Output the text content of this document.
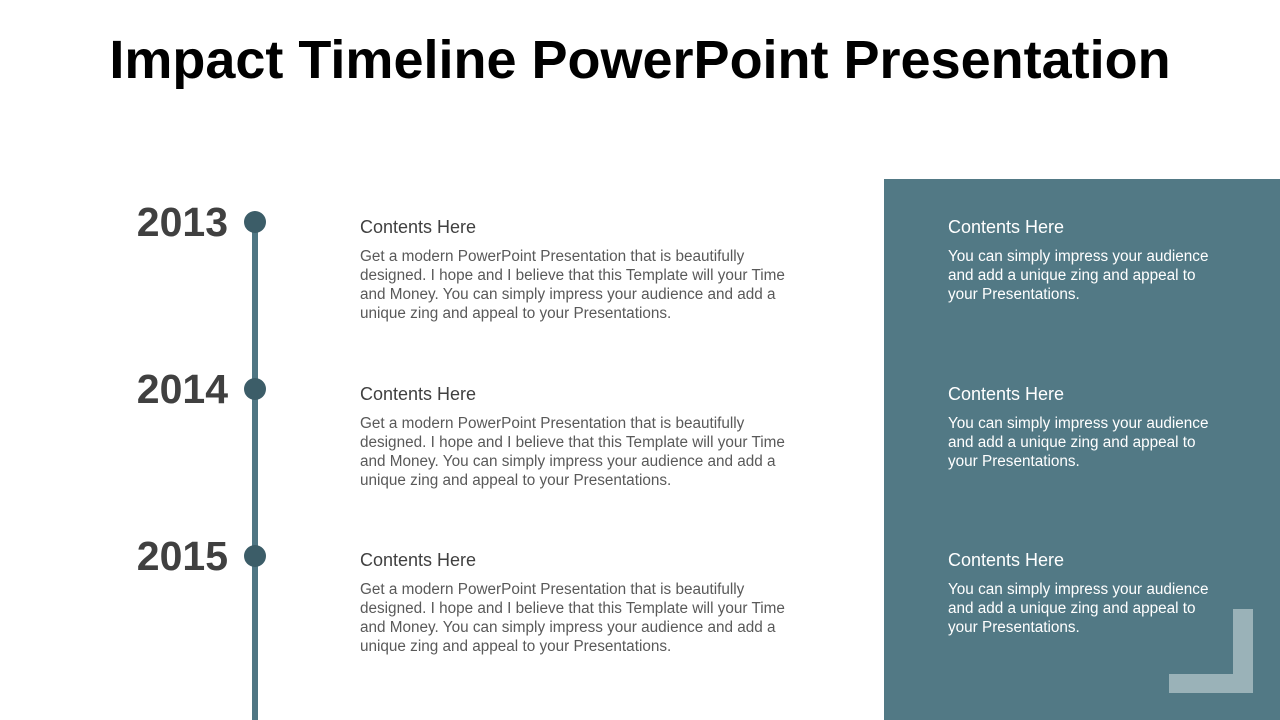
Impact Timeline PowerPoint Presentation
2013	Contents Here
Get a modern PowerPoint Presentation that is beautifully designed. I hope and I believe that this Template will your Time and Money. You can simply impress your audience and add a unique zing and appeal to your Presentations.
Contents Here
You can simply impress your audience and add a unique zing and appeal to your Presentations.
2014	Contents Here
Get a modern PowerPoint Presentation that is beautifully designed. I hope and I believe that this Template will your Time and Money. You can simply impress your audience and add a unique zing and appeal to your Presentations.
Contents Here
You can simply impress your audience and add a unique zing and appeal to your Presentations.
2015	Contents Here
Get a modern PowerPoint Presentation that is beautifully designed. I hope and I believe that this Template will your Time and Money. You can simply impress your audience and add a unique zing and appeal to your Presentations.
Contents Here
You can simply impress your audience and add a unique zing and appeal to your Presentations.
